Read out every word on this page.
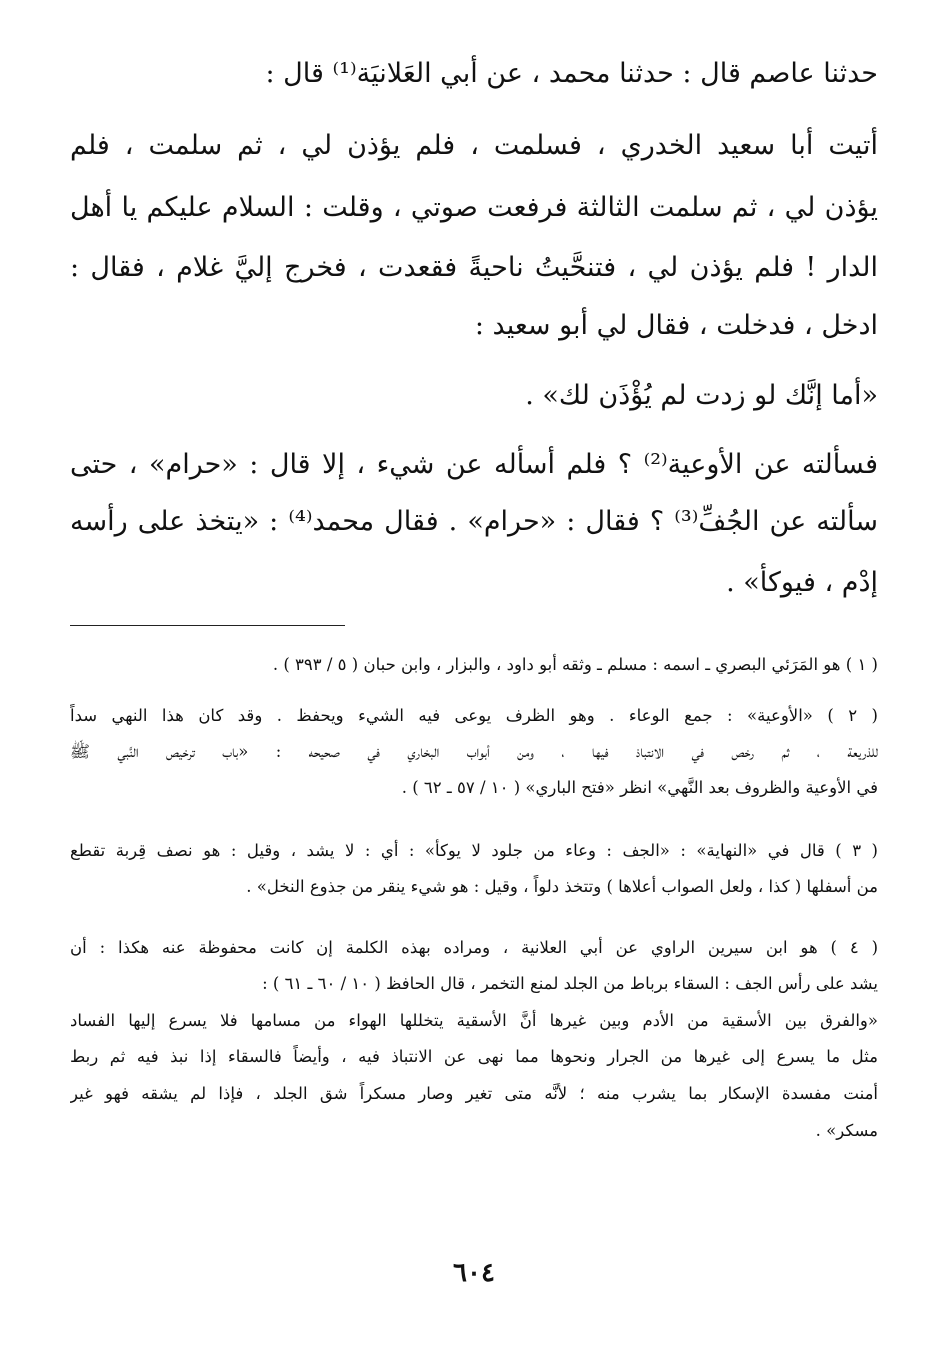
حدثنا عاصم قال : حدثنا محمد ، عن أبي العَلانيَة⁽¹⁾ قال :
أتيت أبا سعيد الخدري ، فسلمت ، فلم يؤذن لي ، ثم سلمت ، فلم
يؤذن لي ، ثم سلمت الثالثة فرفعت صوتي ، وقلت : السلام عليكم يا أهل
الدار ! فلم يؤذن لي ، فتنحَّيتُ ناحيةً فقعدت ، فخرج إليَّ غلام ، فقال :
ادخل ، فدخلت ، فقال لي أبو سعيد :
«أما إنَّك لو زدت لم يُؤْذَن لك» .
فسألته عن الأوعية⁽²⁾ ؟ فلم أسأله عن شيء ، إلا قال : «حرام» ، حتى
سألته عن الجُفِّ⁽³⁾ ؟ فقال : «حرام» . فقال محمد⁽⁴⁾ : «يتخذ على رأسه
إدْم ، فيوكأ» .
( ١ ) هو المَرَئي البصري ـ اسمه : مسلم ـ وثقه أبو داود ، والبزار ، وابن حبان ( ٥ / ٣٩٣ ) .
( ٢ ) «الأوعية» : جمع الوعاء . وهو الظرف يوعى فيه الشيء ويحفظ . وقد كان هذا النهي سداً
للذريعة ، ثم رخص في الانتباذ فيها ، ومن أبواب البخاري في صحيحه : «باب ترخيص النَّبي ﷺ
في الأوعية والظروف بعد النَّهي» انظر «فتح الباري» ( ١٠ / ٥٧ ـ ٦٢ ) .
( ٣ ) قال في «النهاية» : «الجف : وعاء من جلود لا يوكأ» : أي : لا يشد ، وقيل : هو نصف قِربة تقطع
من أسفلها ( كذا ، ولعل الصواب أعلاها ) وتتخذ دلواً ، وقيل : هو شيء ينقر من جذوع النخل» .
( ٤ ) هو ابن سيرين الراوي عن أبي العلانية ، ومراده بهذه الكلمة إن كانت محفوظة عنه هكذا : أن
يشد على رأس الجف : السقاء برباط من الجلد لمنع التخمر ، قال الحافظ ( ١٠ / ٦٠ ـ ٦١ ) :
«والفرق بين الأسقية من الأدم وبين غيرها أنَّ الأسقية يتخللها الهواء من مسامها فلا يسرع إليها الفساد
مثل ما يسرع إلى غيرها من الجرار ونحوها مما نهى عن الانتباذ فيه ، وأيضاً فالسقاء إذا نبذ فيه ثم ربط
أمنت مفسدة الإسكار بما يشرب منه ؛ لأنَّه متى تغير وصار مسكراً شق الجلد ، فإذا لم يشقه فهو غير
مسكر» .
٦٠٤
